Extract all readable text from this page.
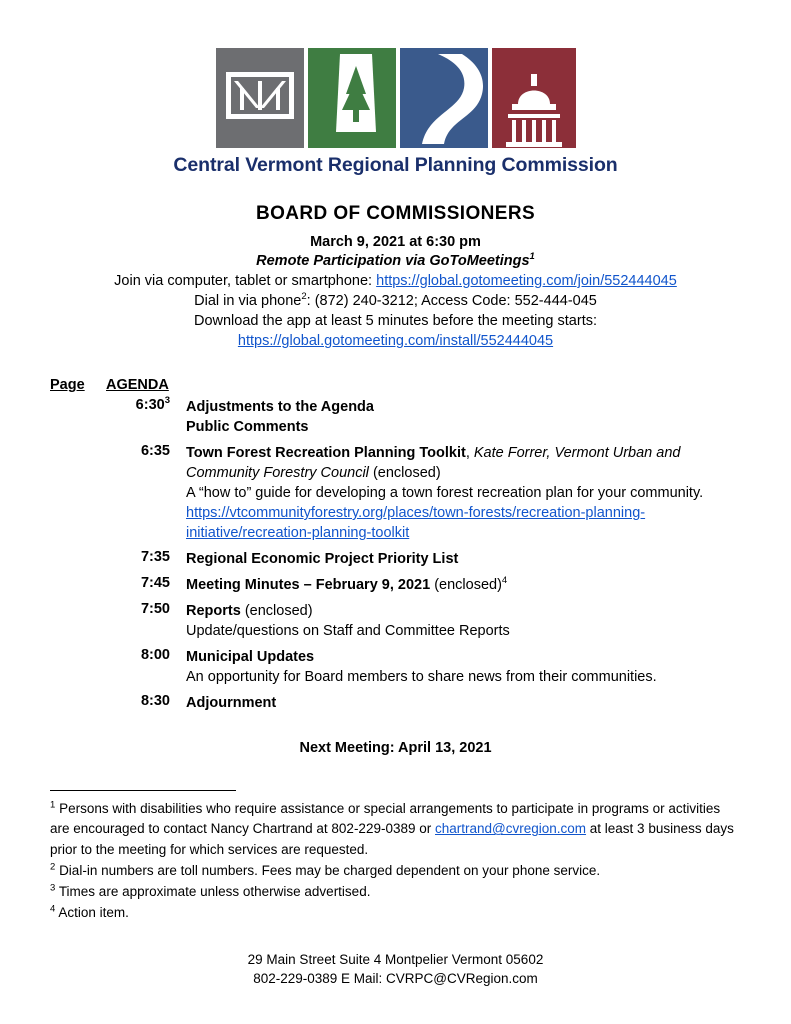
Central Vermont Regional Planning Commission
BOARD OF COMMISSIONERS
March 9, 2021 at 6:30 pm
Remote Participation via GoToMeetings$^1$
Join via computer, tablet or smartphone: https://global.gotomeeting.com/join/552444045
Dial in via phone$^2$: (872) 240-3212; Access Code: 552-444-045
Download the app at least 5 minutes before the meeting starts:
https://global.gotomeeting.com/install/552444045
Page AGENDA
$6:30^3$	Adjustments to the Agenda
Public Comments

6:35	Town Forest Recreation Planning Toolkit, Kate Forrer, Vermont Urban and Community Forestry Council (enclosed)
A “how to” guide for developing a town forest recreation plan for your community. https://vtcommunityforestry.org/places/town-forests/recreation-planning-initiative/recreation-planning-toolkit

7:35	Regional Economic Project Priority List

7:45	Meeting Minutes – February 9, 2021 (enclosed)$^4$

7:50	Reports (enclosed)
Update/questions on Staff and Committee Reports

8:00	Municipal Updates
An opportunity for Board members to share news from their communities.

8:30	Adjournment
Next Meeting: April 13, 2021

$^1$ Persons with disabilities who require assistance or special arrangements to participate in programs or activities are encouraged to contact Nancy Chartrand at 802-229-0389 or chartrand@cvregion.com at least 3 business days prior to the meeting for which services are requested.

$^2$ Dial-in numbers are toll numbers. Fees may be charged dependent on your phone service.

$^3$ Times are approximate unless otherwise advertised.

$^4$ Action item.

29 Main Street Suite 4 Montpelier Vermont 05602
802-229-0389 E Mail: CVRPC@CVRegion.com
